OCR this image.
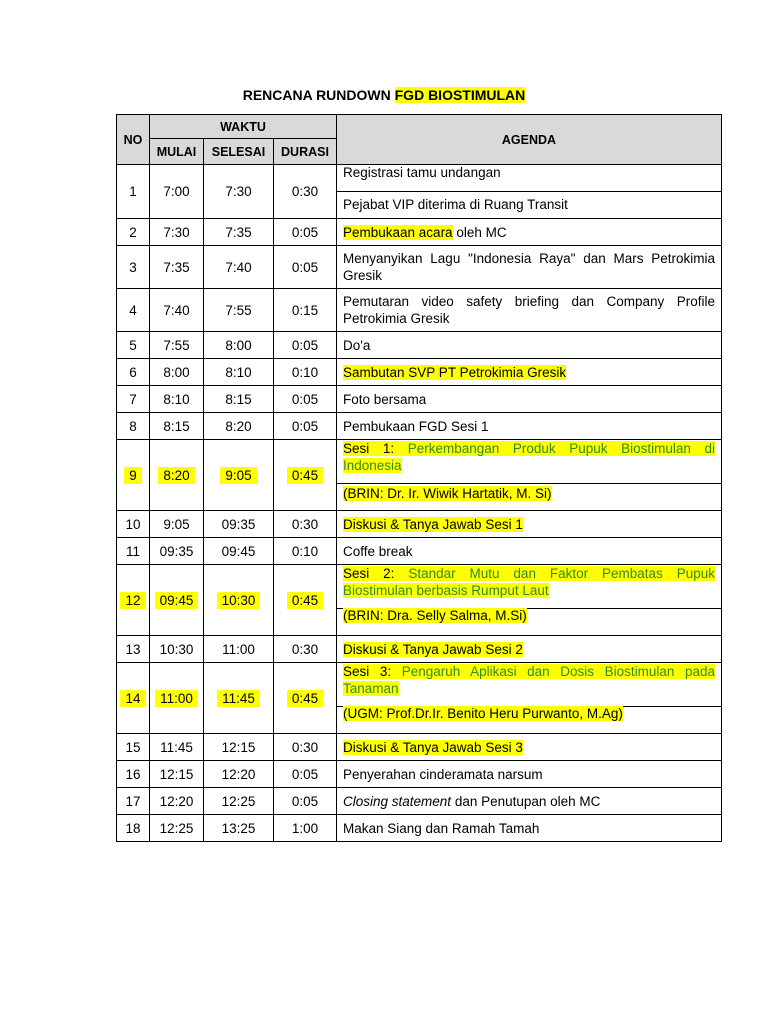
RENCANA RUNDOWN FGD BIOSTIMULAN
NO	WAKTU			AGENDA
	MULAI	SELESAI	DURASI	
1	7:00	7:30	0:30	Registrasi tamu undangan
Pejabat VIP diterima di Ruang Transit

2	7:30	7:35	0:05	Pembukaan acara oleh MC
3	7:35	7:40	0:05	Menyanyikan Lagu "Indonesia Raya" dan Mars Petrokimia Gresik
4	7:40	7:55	0:15	Pemutaran video safety briefing dan Company Profile Petrokimia Gresik
5	7:55	8:00	0:05	Do'a
6	8:00	8:10	0:10	Sambutan SVP PT Petrokimia Gresik
7	8:10	8:15	0:05	Foto bersama
8	8:15	8:20	0:05	Pembukaan FGD Sesi 1
9	8:20	9:05	0:45	Sesi 1: Perkembangan Produk Pupuk Biostimulan di Indonesia
(BRIN: Dr. Ir. Wiwik Hartatik, M. Si)

10	9:05	09:35	0:30	Diskusi & Tanya Jawab Sesi 1
11	09:35	09:45	0:10	Coffe break
12	09:45	10:30	0:45	Sesi 2: Standar Mutu dan Faktor Pembatas Pupuk Biostimulan berbasis Rumput Laut
(BRIN: Dra. Selly Salma, M.Si)

13	10:30	11:00	0:30	Diskusi & Tanya Jawab Sesi 2
14	11:00	11:45	0:45	Sesi 3: Pengaruh Aplikasi dan Dosis Biostimulan pada Tanaman
(UGM: Prof.Dr.Ir. Benito Heru Purwanto, M.Ag)

15	11:45	12:15	0:30	Diskusi & Tanya Jawab Sesi 3
16	12:15	12:20	0:05	Penyerahan cinderamata narsum
17	12:20	12:25	0:05	Closing statement dan Penutupan oleh MC
18	12:25	13:25	1:00	Makan Siang dan Ramah Tamah
